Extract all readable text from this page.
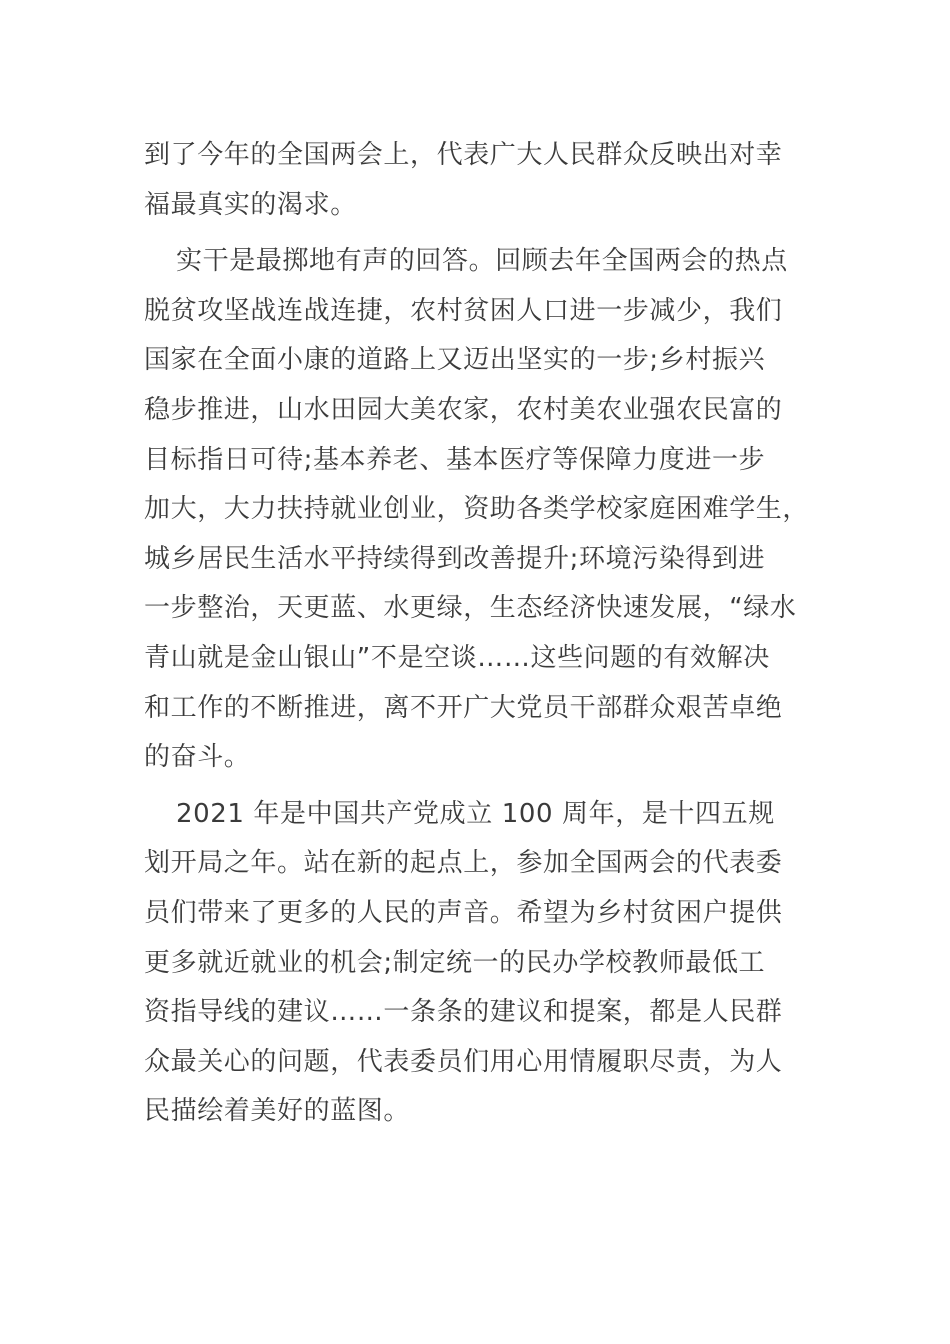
到了今年的全国两会上，代表广大人民群众反映出对幸
福最真实的渴求。

实干是最掷地有声的回答。回顾去年全国两会的热点
脱贫攻坚战连战连捷，农村贫困人口进一步减少，我们
国家在全面小康的道路上又迈出坚实的一步;乡村振兴
稳步推进，山水田园大美农家，农村美农业强农民富的
目标指日可待;基本养老、基本医疗等保障力度进一步
加大，大力扶持就业创业，资助各类学校家庭困难学生，
城乡居民生活水平持续得到改善提升;环境污染得到进
一步整治，天更蓝、水更绿，生态经济快速发展，“绿水
青山就是金山银山”不是空谈……这些问题的有效解决
和工作的不断推进，离不开广大党员干部群众艰苦卓绝
的奋斗。

2021 年是中国共产党成立 100 周年，是十四五规
划开局之年。站在新的起点上，参加全国两会的代表委
员们带来了更多的人民的声音。希望为乡村贫困户提供
更多就近就业的机会;制定统一的民办学校教师最低工
资指导线的建议……一条条的建议和提案，都是人民群
众最关心的问题，代表委员们用心用情履职尽责，为人
民描绘着美好的蓝图。
